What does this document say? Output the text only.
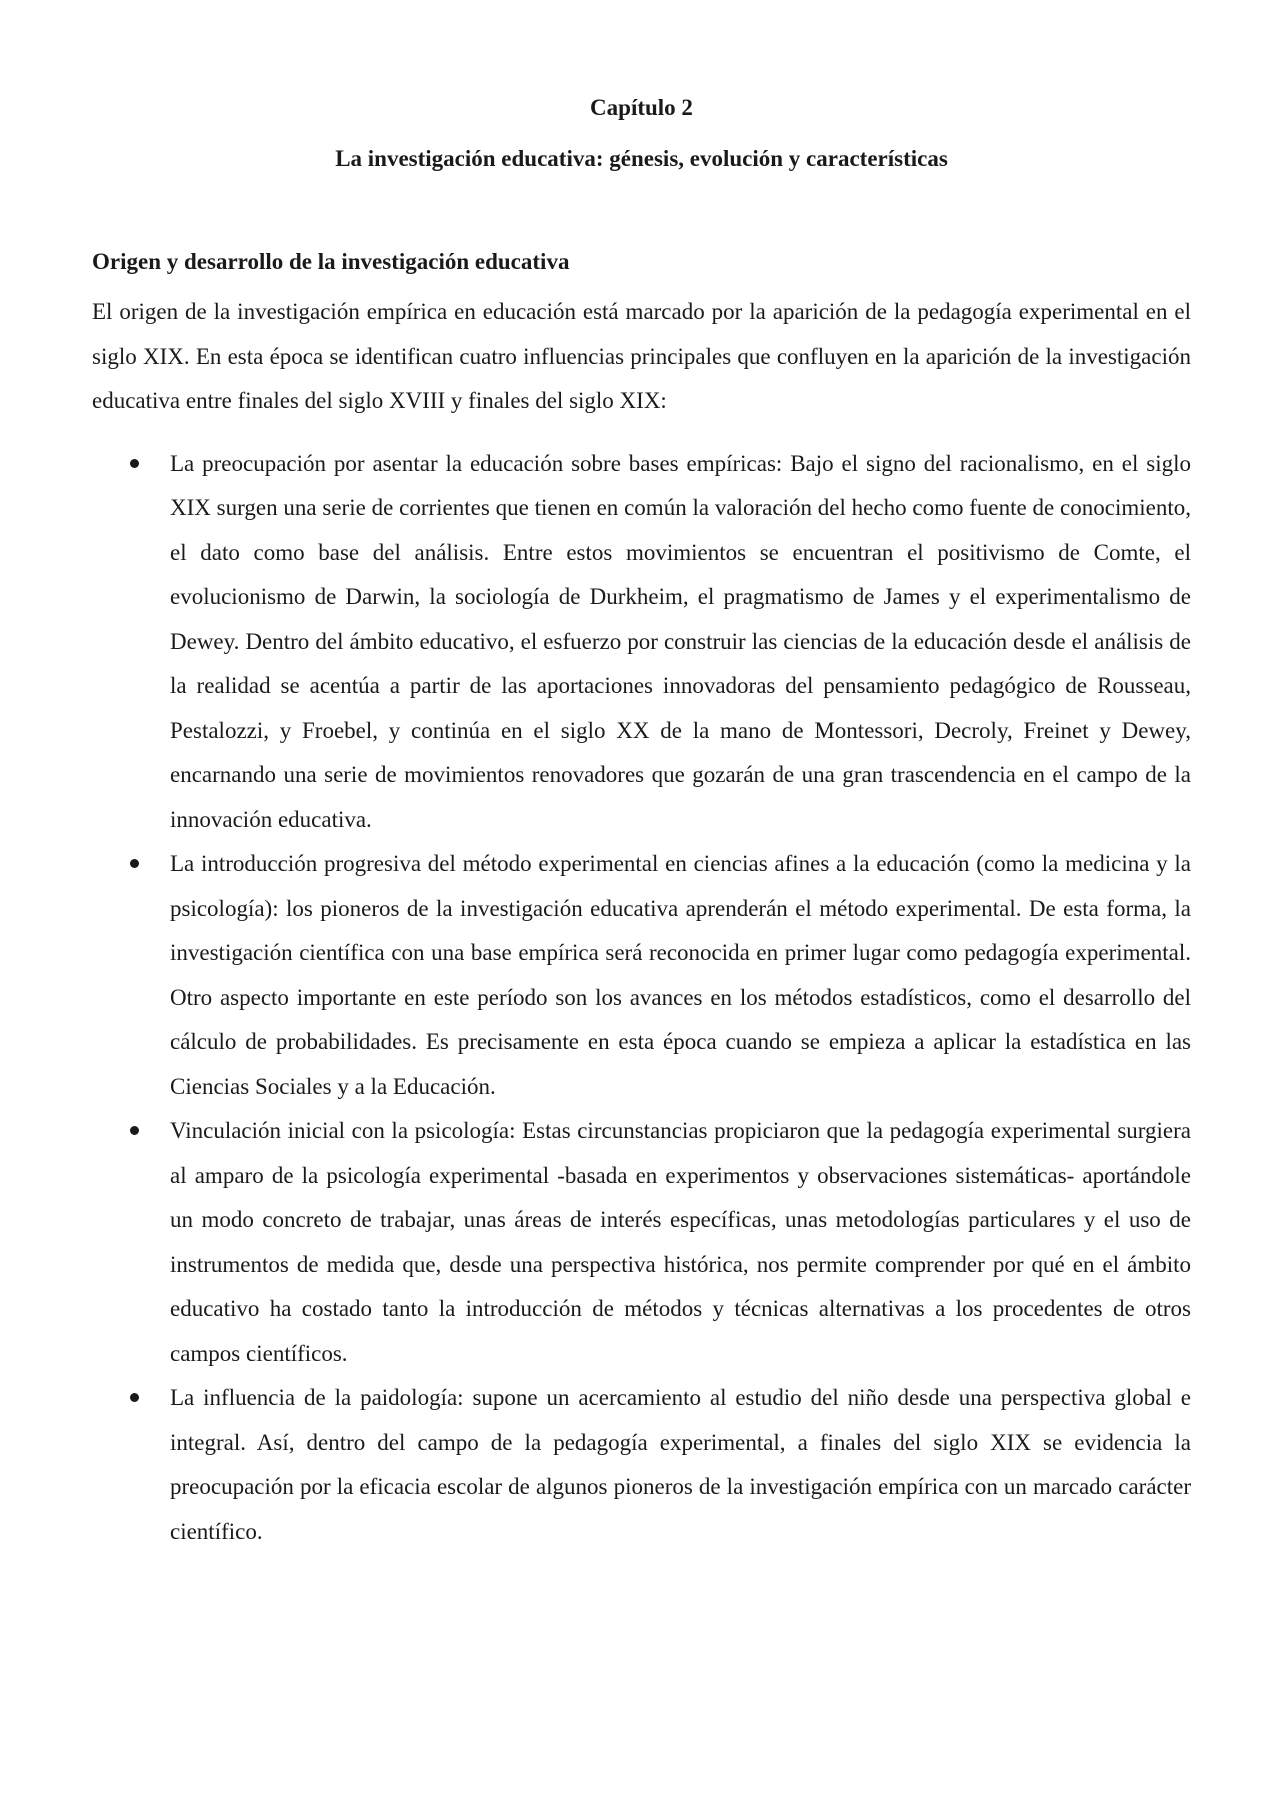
Capítulo 2
La investigación educativa: génesis, evolución y características
Origen y desarrollo de la investigación educativa

El origen de la investigación empírica en educación está marcado por la aparición de la pedagogía experimental en el siglo XIX. En esta época se identifican cuatro influencias principales que confluyen en la aparición de la investigación educativa entre finales del siglo XVIII y finales del siglo XIX:

La preocupación por asentar la educación sobre bases empíricas: Bajo el signo del racionalismo, en el siglo XIX surgen una serie de corrientes que tienen en común la valoración del hecho como fuente de conocimiento, el dato como base del análisis. Entre estos movimientos se encuentran el positivismo de Comte, el evolucionismo de Darwin, la sociología de Durkheim, el pragmatismo de James y el experimentalismo de Dewey. Dentro del ámbito educativo, el esfuerzo por construir las ciencias de la educación desde el análisis de la realidad se acentúa a partir de las aportaciones innovadoras del pensamiento pedagógico de Rousseau, Pestalozzi, y Froebel, y continúa en el siglo XX de la mano de Montessori, Decroly, Freinet y Dewey, encarnando una serie de movimientos renovadores que gozarán de una gran trascendencia en el campo de la innovación educativa.
La introducción progresiva del método experimental en ciencias afines a la educación (como la medicina y la psicología): los pioneros de la investigación educativa aprenderán el método experimental. De esta forma, la investigación científica con una base empírica será reconocida en primer lugar como pedagogía experimental. Otro aspecto importante en este período son los avances en los métodos estadísticos, como el desarrollo del cálculo de probabilidades. Es precisamente en esta época cuando se empieza a aplicar la estadística en las Ciencias Sociales y a la Educación.
Vinculación inicial con la psicología: Estas circunstancias propiciaron que la pedagogía experimental surgiera al amparo de la psicología experimental -basada en experimentos y observaciones sistemáticas- aportándole un modo concreto de trabajar, unas áreas de interés específicas, unas metodologías particulares y el uso de instrumentos de medida que, desde una perspectiva histórica, nos permite comprender por qué en el ámbito educativo ha costado tanto la introducción de métodos y técnicas alternativas a los procedentes de otros campos científicos.
La influencia de la paidología: supone un acercamiento al estudio del niño desde una perspectiva global e integral. Así, dentro del campo de la pedagogía experimental, a finales del siglo XIX se evidencia la preocupación por la eficacia escolar de algunos pioneros de la investigación empírica con un marcado carácter científico.
